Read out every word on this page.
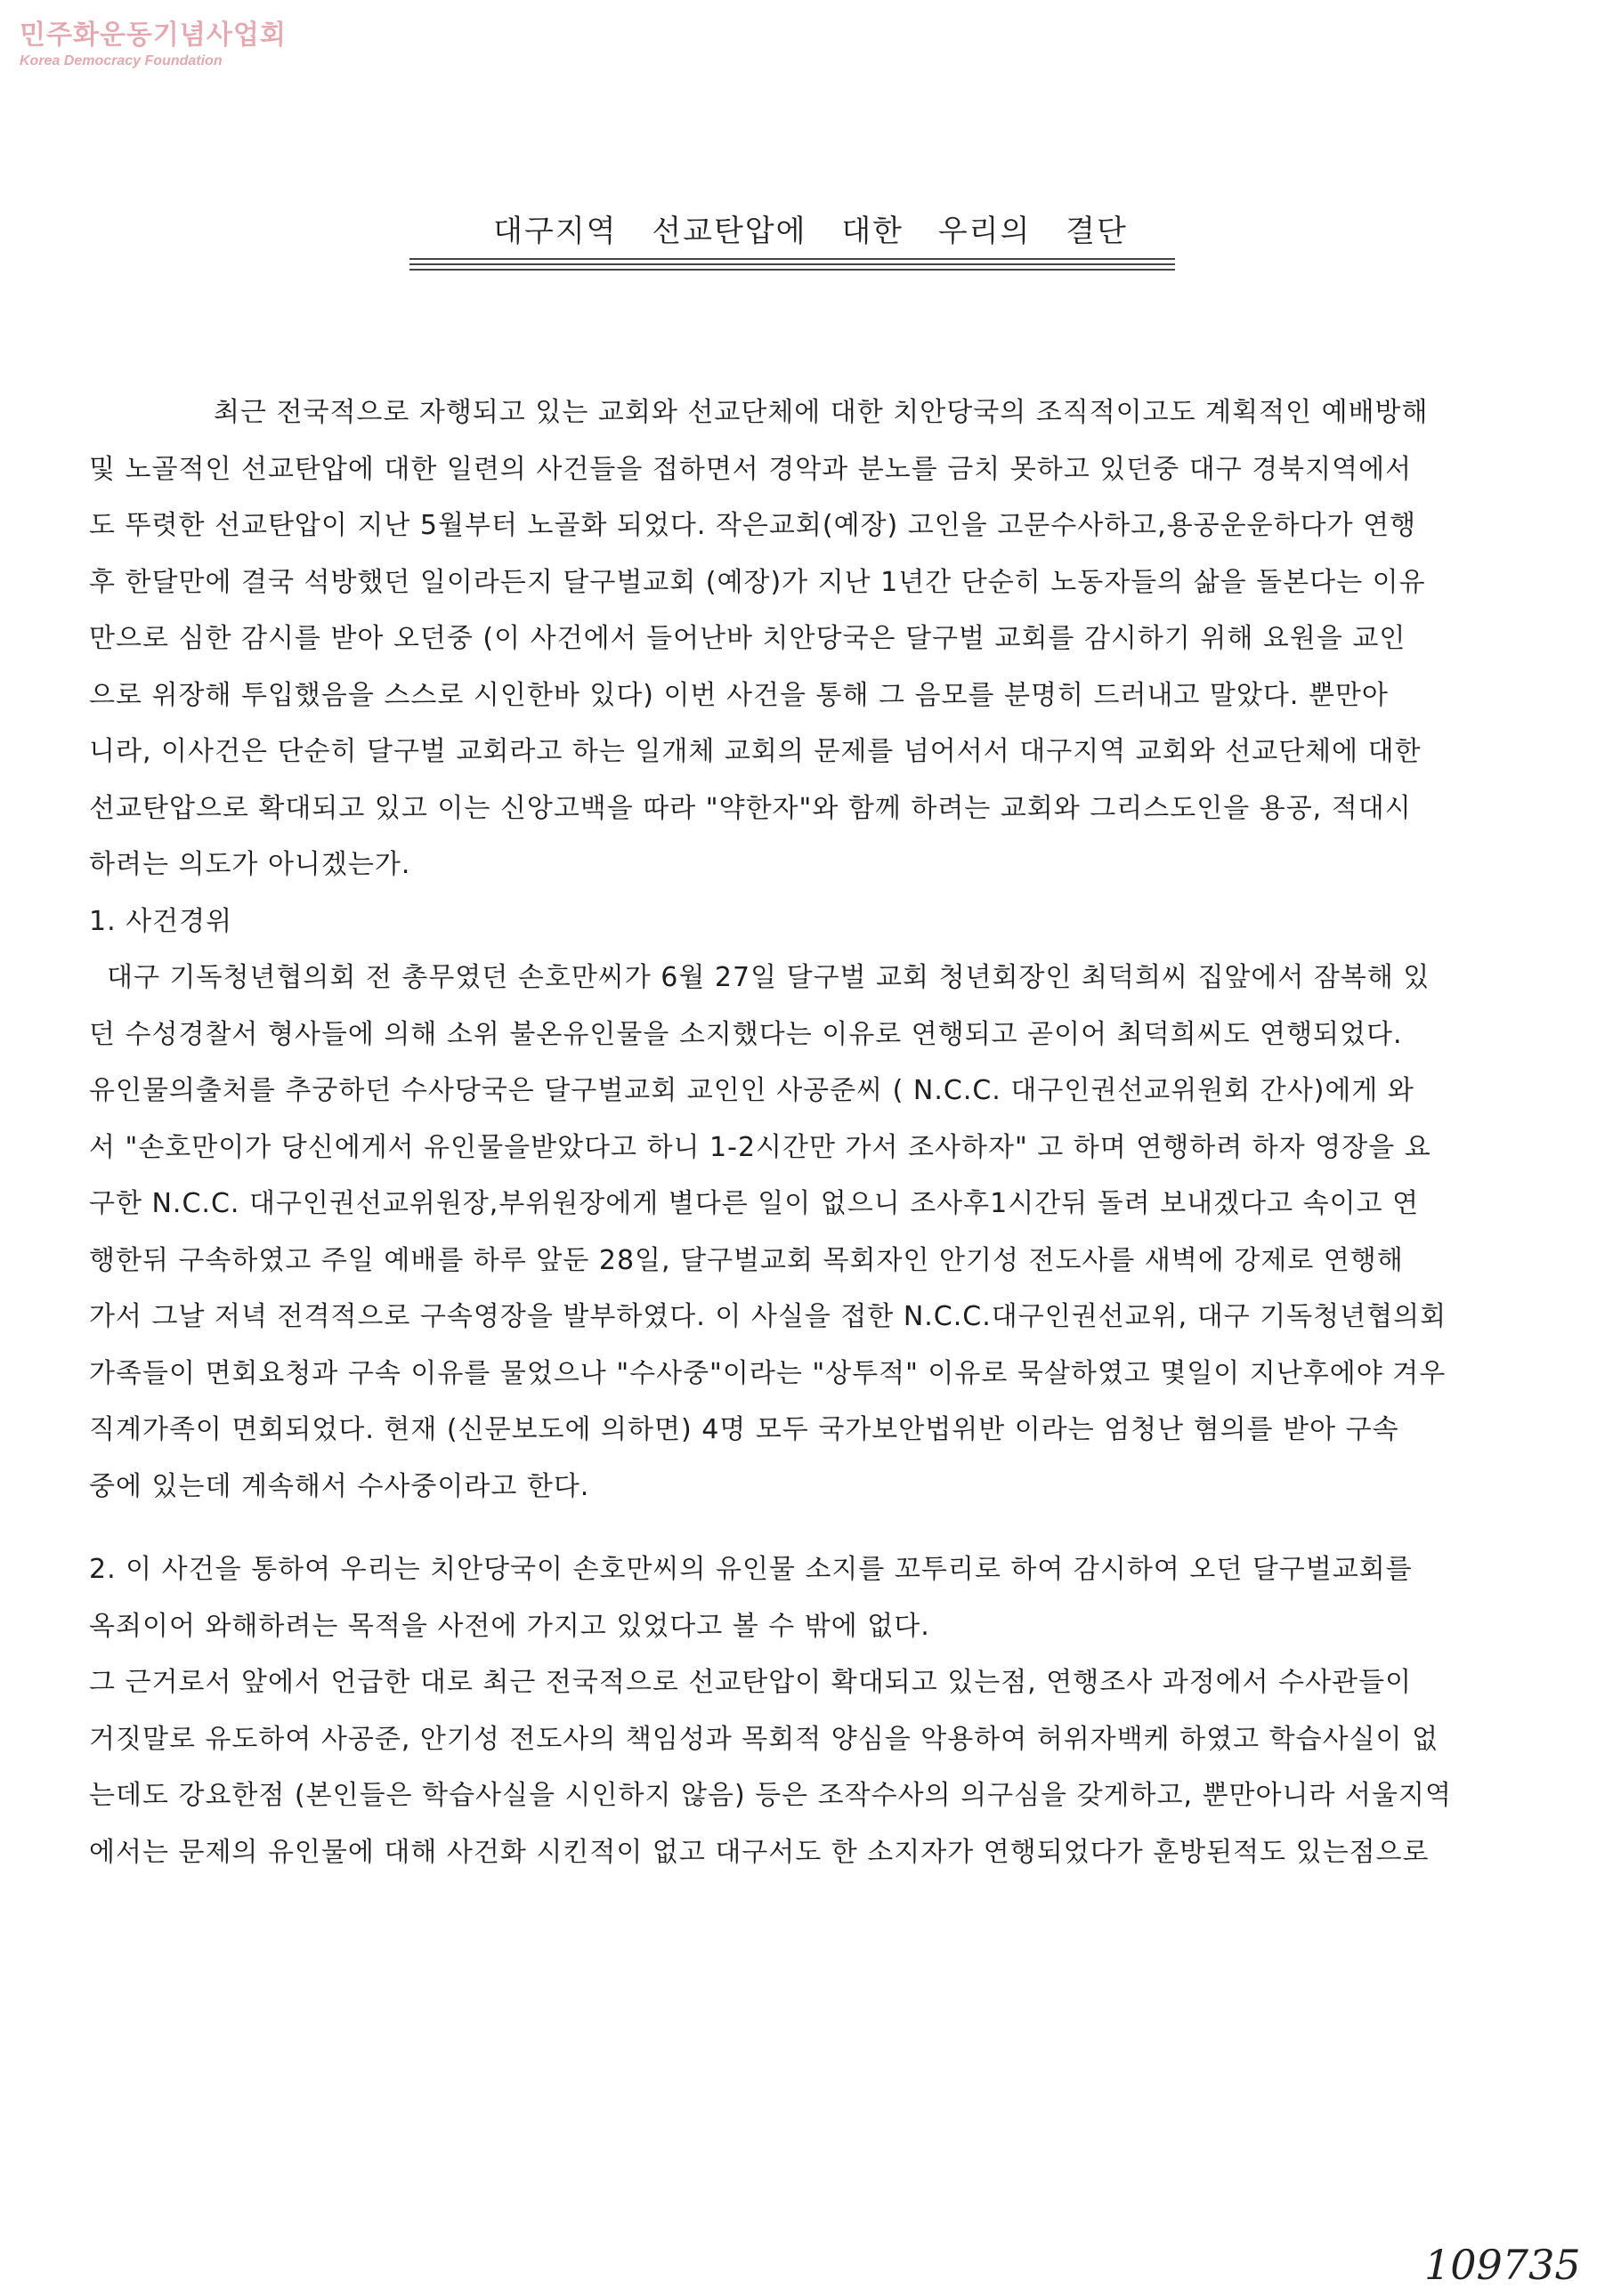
민주화운동기념사업회
Korea Democracy Foundation
대구지역 선교탄압에 대한 우리의 결단
최근 전국적으로 자행되고 있는 교회와 선교단체에 대한 치안당국의 조직적이고도 계획적인 예배방해
및 노골적인 선교탄압에 대한 일련의 사건들을 접하면서 경악과 분노를 금치 못하고 있던중 대구 경북지역에서
도 뚜렷한 선교탄압이 지난 5월부터 노골화 되었다. 작은교회(예장) 고인을 고문수사하고,용공운운하다가 연행
후 한달만에 결국 석방했던 일이라든지 달구벌교회 (예장)가 지난 1년간 단순히 노동자들의 삶을 돌본다는 이유
만으로 심한 감시를 받아 오던중 (이 사건에서 들어난바 치안당국은 달구벌 교회를 감시하기 위해 요원을 교인
으로 위장해 투입했음을 스스로 시인한바 있다) 이번 사건을 통해 그 음모를 분명히 드러내고 말았다. 뿐만아
니라, 이사건은 단순히 달구벌 교회라고 하는 일개체 교회의 문제를 넘어서서 대구지역 교회와 선교단체에 대한
선교탄압으로 확대되고 있고 이는 신앙고백을 따라 "약한자"와 함께 하려는 교회와 그리스도인을 용공, 적대시
하려는 의도가 아니겠는가.
1. 사건경위
대구 기독청년협의회 전 총무였던 손호만씨가 6월 27일 달구벌 교회 청년회장인 최덕희씨 집앞에서 잠복해 있
던 수성경찰서 형사들에 의해 소위 불온유인물을 소지했다는 이유로 연행되고 곧이어 최덕희씨도 연행되었다.
유인물의출처를 추궁하던 수사당국은 달구벌교회 교인인 사공준씨 ( N.C.C. 대구인권선교위원회 간사)에게 와
서 "손호만이가 당신에게서 유인물을받았다고 하니 1-2시간만 가서 조사하자" 고 하며 연행하려 하자 영장을 요
구한 N.C.C. 대구인권선교위원장,부위원장에게 별다른 일이 없으니 조사후1시간뒤 돌려 보내겠다고 속이고 연
행한뒤 구속하였고 주일 예배를 하루 앞둔 28일, 달구벌교회 목회자인 안기성 전도사를 새벽에 강제로 연행해
가서 그날 저녁 전격적으로 구속영장을 발부하였다. 이 사실을 접한 N.C.C.대구인권선교위, 대구 기독청년협의회
가족들이 면회요청과 구속 이유를 물었으나 "수사중"이라는 "상투적" 이유로 묵살하였고 몇일이 지난후에야 겨우
직계가족이 면회되었다. 현재 (신문보도에 의하면) 4명 모두 국가보안법위반 이라는 엄청난 혐의를 받아 구속
중에 있는데 계속해서 수사중이라고 한다.
2. 이 사건을 통하여 우리는 치안당국이 손호만씨의 유인물 소지를 꼬투리로 하여 감시하여 오던 달구벌교회를
옥죄이어 와해하려는 목적을 사전에 가지고 있었다고 볼 수 밖에 없다.
그 근거로서 앞에서 언급한 대로 최근 전국적으로 선교탄압이 확대되고 있는점, 연행조사 과정에서 수사관들이
거짓말로 유도하여 사공준, 안기성 전도사의 책임성과 목회적 양심을 악용하여 허위자백케 하였고 학습사실이 없
는데도 강요한점 (본인들은 학습사실을 시인하지 않음) 등은 조작수사의 의구심을 갖게하고, 뿐만아니라 서울지역
에서는 문제의 유인물에 대해 사건화 시킨적이 없고 대구서도 한 소지자가 연행되었다가 훈방된적도 있는점으로
109735
